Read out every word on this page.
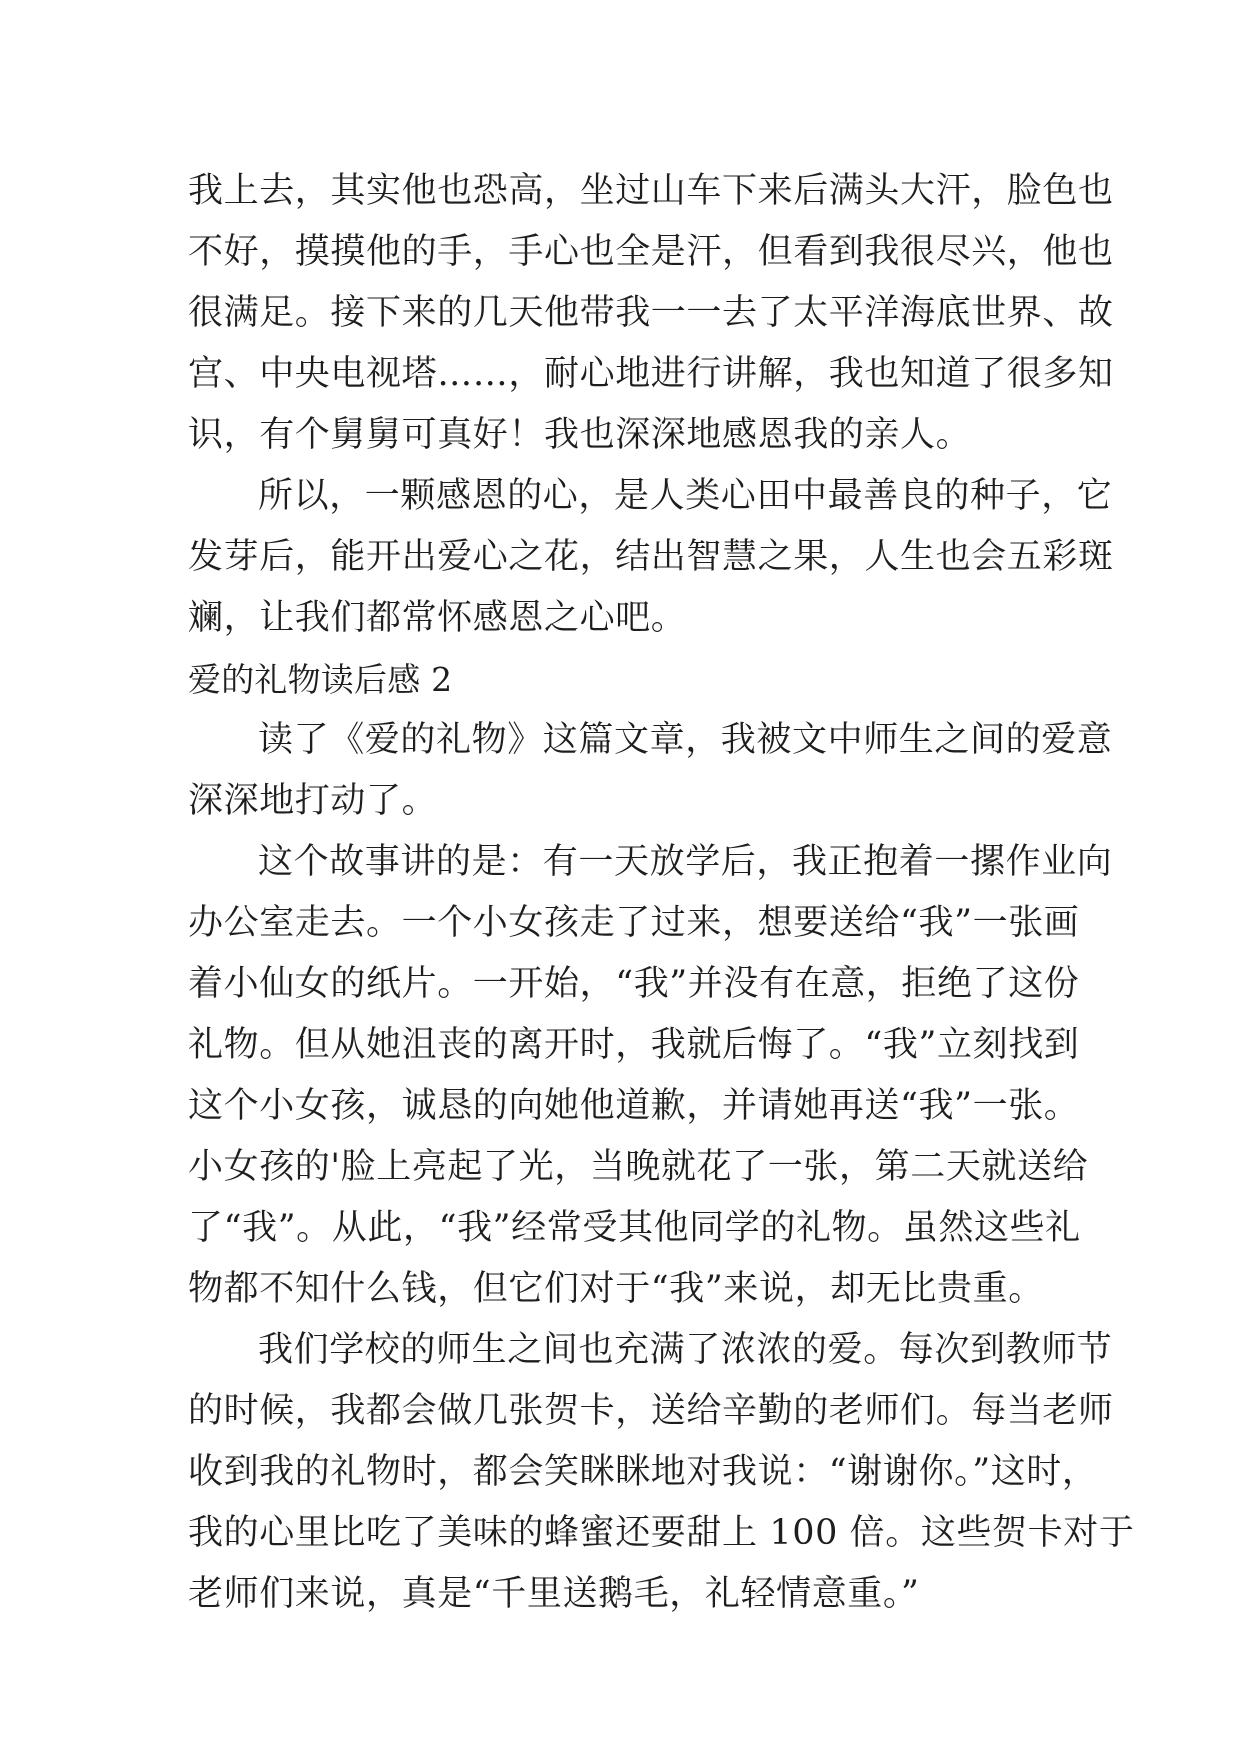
我上去，其实他也恐高，坐过山车下来后满头大汗，脸色也
不好，摸摸他的手，手心也全是汗，但看到我很尽兴，他也
很满足。接下来的几天他带我一一去了太平洋海底世界、故
宫、中央电视塔……，耐心地进行讲解，我也知道了很多知
识，有个舅舅可真好！我也深深地感恩我的亲人。
所以，一颗感恩的心，是人类心田中最善良的种子，它
发芽后，能开出爱心之花，结出智慧之果，人生也会五彩斑
斓，让我们都常怀感恩之心吧。
爱的礼物读后感 2
读了《爱的礼物》这篇文章，我被文中师生之间的爱意
深深地打动了。
这个故事讲的是：有一天放学后，我正抱着一摞作业向
办公室走去。一个小女孩走了过来，想要送给“我”一张画
着小仙女的纸片。一开始，“我”并没有在意，拒绝了这份
礼物。但从她沮丧的离开时，我就后悔了。“我”立刻找到
这个小女孩，诚恳的向她他道歉，并请她再送“我”一张。
小女孩的'脸上亮起了光，当晚就花了一张，第二天就送给
了“我”。从此，“我”经常受其他同学的礼物。虽然这些礼
物都不知什么钱，但它们对于“我”来说，却无比贵重。
我们学校的师生之间也充满了浓浓的爱。每次到教师节
的时候，我都会做几张贺卡，送给辛勤的老师们。每当老师
收到我的礼物时，都会笑眯眯地对我说：“谢谢你。”这时，
我的心里比吃了美味的蜂蜜还要甜上 100 倍。这些贺卡对于
老师们来说，真是“千里送鹅毛，礼轻情意重。”
